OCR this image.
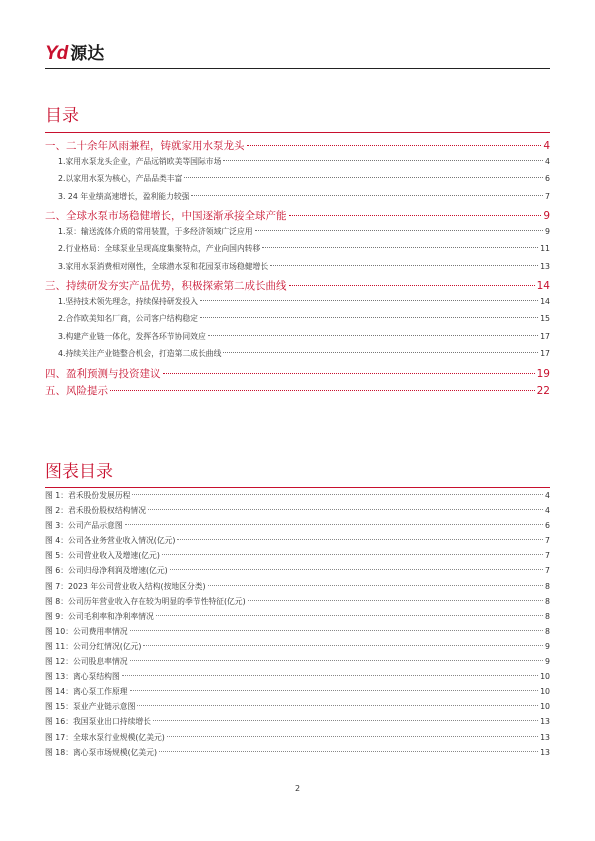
Yd 源达
目录
一、二十余年风雨兼程，铸就家用水泵龙头	4
1.家用水泵龙头企业，产品远销欧美等国际市场	4
2.以家用水泵为核心，产品品类丰富	6
3. 24 年业绩高速增长，盈利能力较强	7
二、全球水泵市场稳健增长，中国逐渐承接全球产能	9
1.泵：输送流体介质的常用装置，于多经济领域广泛应用	9
2.行业格局：全球泵业呈现高度集聚特点，产业向国内转移	11
3.家用水泵消费相对刚性，全球潜水泵和花园泵市场稳健增长	13
三、持续研发夯实产品优势，积极探索第二成长曲线	14
1.坚持技术领先理念，持续保持研发投入	14
2.合作欧美知名厂商，公司客户结构稳定	15
3.构建产业链一体化，发挥各环节协同效应	17
4.持续关注产业链整合机会，打造第二成长曲线	17
四、盈利预测与投资建议	19
五、风险提示	22
图表目录
图 1：君禾股份发展历程	4
图 2：君禾股份股权结构情况	4
图 3：公司产品示意图	6
图 4：公司各业务营业收入情况(亿元)	7
图 5：公司营业收入及增速(亿元)	7
图 6：公司归母净利润及增速(亿元)	7
图 7：2023 年公司营业收入结构(按地区分类)	8
图 8：公司历年营业收入存在较为明显的季节性特征(亿元)	8
图 9：公司毛利率和净利率情况	8
图 10：公司费用率情况	8
图 11：公司分红情况(亿元)	9
图 12：公司股息率情况	9
图 13：离心泵结构图	10
图 14：离心泵工作原理	10
图 15：泵业产业链示意图	10
图 16：我国泵业出口持续增长	13
图 17：全球水泵行业规模(亿美元)	13
图 18：离心泵市场规模(亿美元)	13
2
